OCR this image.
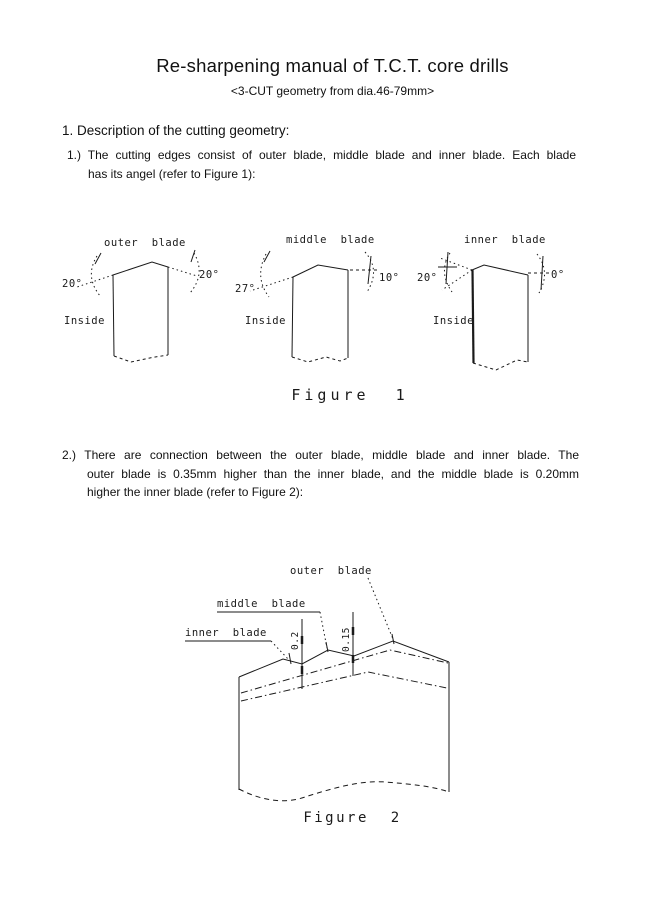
Re-sharpening manual of T.C.T. core drills
<3-CUT geometry from dia.46-79mm>
1. Description of the cutting geometry:
1.) The cutting edges consist of outer blade, middle blade and inner blade. Each blade
has its angel (refer to Figure 1):
outer  blade
20°
20°
Inside
middle  blade
27°
10°
Inside
inner  blade
20°	0°
Inside
Figure  1
2.) There are connection between the outer blade, middle blade and inner blade. The
outer blade is 0.35mm higher than the inner blade, and the middle blade is 0.20mm
higher the inner blade (refer to Figure 2):
0.2	0.15
outer  blade
middle  blade
inner  blade
Figure  2
